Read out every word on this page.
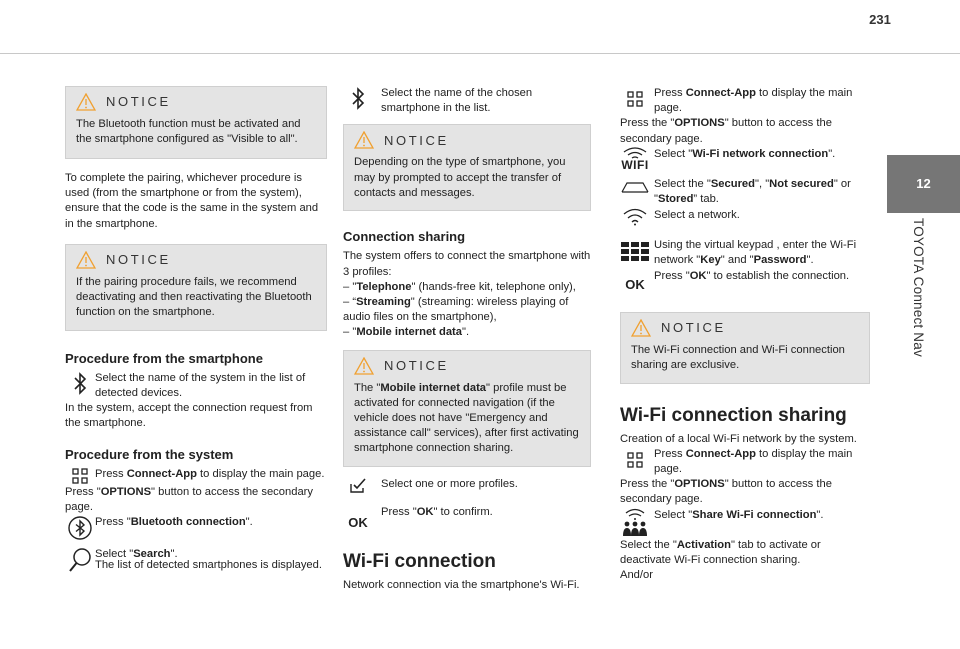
231
12
TOYOTA Connect Nav
NOTICE

The Bluetooth function must be activated and the smartphone configured as "Visible to all".

To complete the pairing, whichever procedure is used (from the smartphone or from the system), ensure that the code is the same in the system and in the smartphone.

NOTICE

If the pairing procedure fails, we recommend deactivating and then reactivating the Bluetooth function on the smartphone.

Procedure from the smartphone

Select the name of the system in the list of detected devices.

In the system, accept the connection request from the smartphone.

Procedure from the system

Press Connect-App to display the main page.

Press "OPTIONS" button to access the secondary page.

Press "Bluetooth connection".

Select "Search".

The list of detected smartphones is displayed.

Select the name of the chosen smartphone in the list.

NOTICE

Depending on the type of smartphone, you may by prompted to accept the transfer of contacts and messages.

Connection sharing

The system offers to connect the smartphone with 3 profiles:

– "Telephone" (hands-free kit, telephone only),

– “Streaming" (streaming: wireless playing of audio files on the smartphone),

– "Mobile internet data".

NOTICE

The "Mobile internet data" profile must be activated for connected navigation (if the vehicle does not have "Emergency and assistance call" services), after first activating smartphone connection sharing.

Select one or more profiles.

OK

Press "OK" to confirm.

Wi-Fi connection

Network connection via the smartphone's Wi-Fi.

Press Connect-App to display the main page.

Press the "OPTIONS" button to access the secondary page.

WIFI

Select "Wi-Fi network connection".

Select the "Secured", "Not secured" or "Stored” tab.

Select a network.

Using the virtual keypad , enter the Wi-Fi network "Key" and "Password".

OK

Press "OK" to establish the connection.

NOTICE

The Wi-Fi connection and Wi-Fi connection sharing are exclusive.

Wi-Fi connection sharing

Creation of a local Wi-Fi network by the system.

Press Connect-App to display the main page.

Press the "OPTIONS" button to access the secondary page.

Select "Share Wi-Fi connection".

Select the "Activation" tab to activate or deactivate Wi-Fi connection sharing.

And/or
